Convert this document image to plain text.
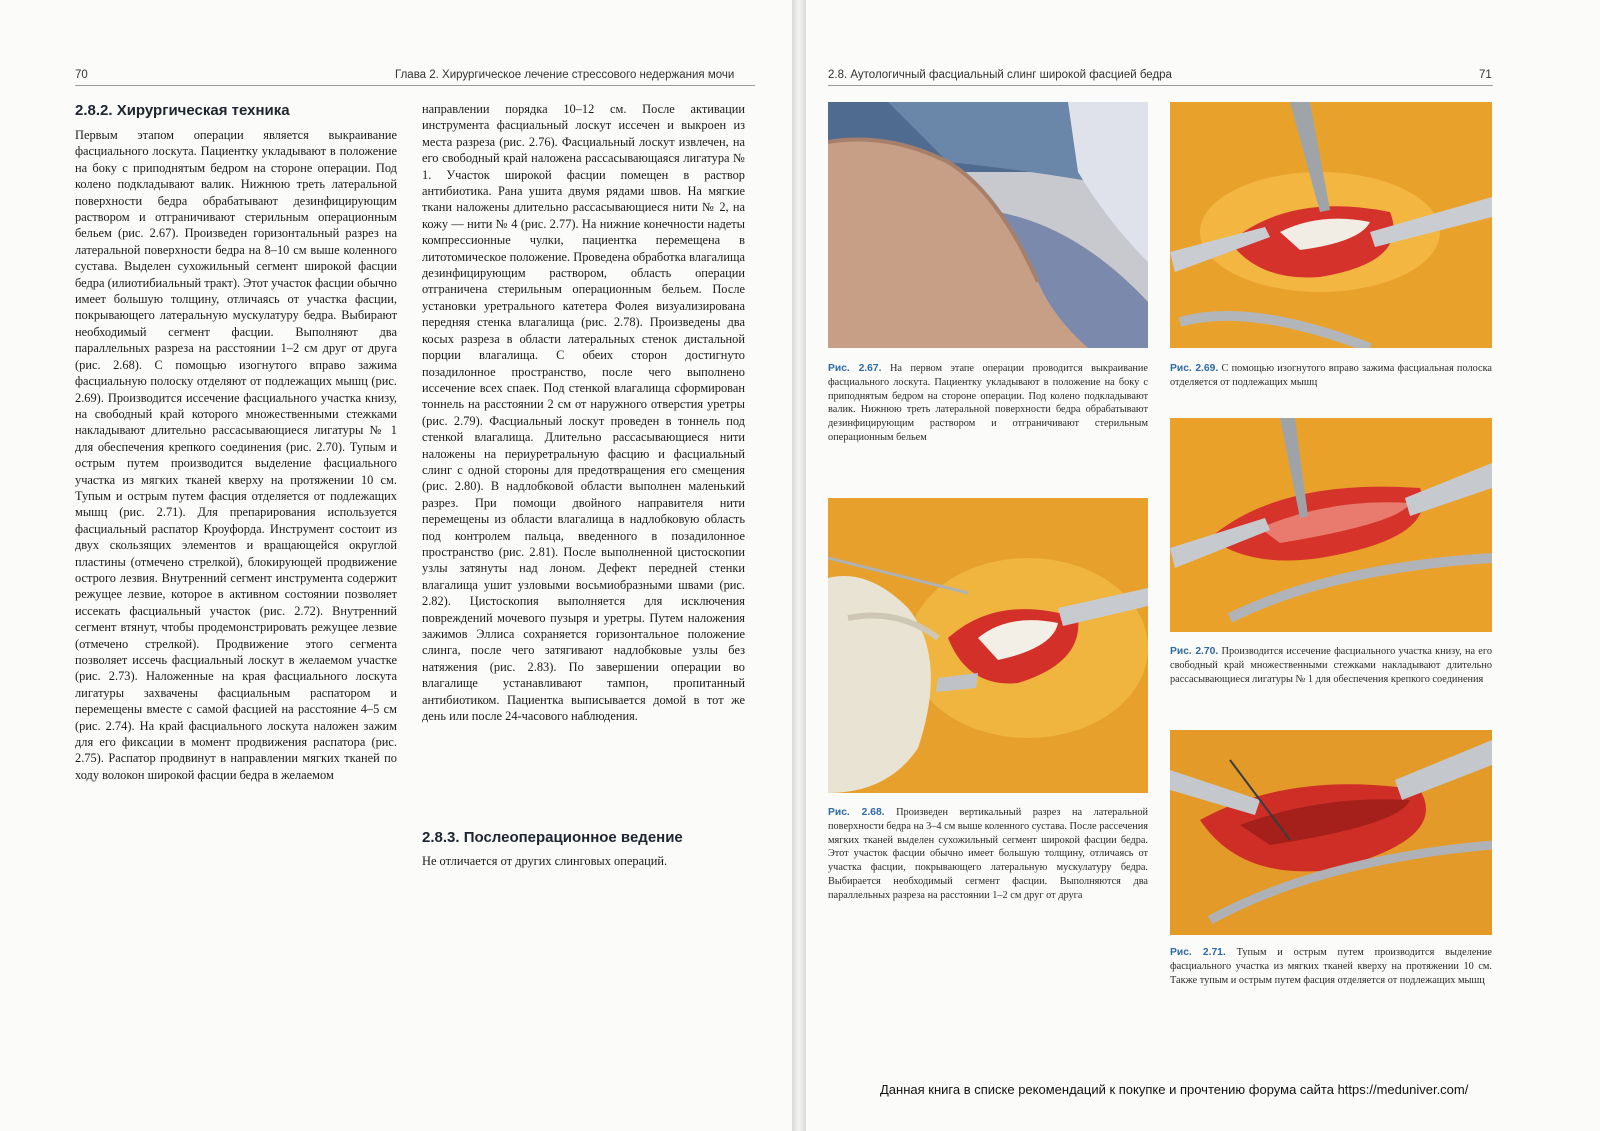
70	Глава 2. Хирургическое лечение стрессового недержания мочи
2.8.2. Хирургическая техника

Первым этапом операции является выкраивание фасциального лоскута. Пациентку укладывают в положение на боку с приподнятым бедром на стороне операции. Под колено подкладывают валик. Нижнюю треть латеральной поверхности бедра обрабатывают дезинфицирующим раствором и отграничивают стерильным операционным бельем (рис. 2.67). Произведен горизонтальный разрез на латеральной поверхности бедра на 8–10 см выше коленного сустава. Выделен сухожильный сегмент широкой фасции бедра (илиотибиальный тракт). Этот участок фасции обычно имеет большую толщину, отличаясь от участка фасции, покрывающего латеральную мускулатуру бедра. Выбирают необходимый сегмент фасции. Выполняют два параллельных разреза на расстоянии 1–2 см друг от друга (рис. 2.68). С помощью изогнутого вправо зажима фасциальную полоску отделяют от подлежащих мышц (рис. 2.69). Производится иссечение фасциального участка книзу, на свободный край которого множественными стежками накладывают длительно рассасывающиеся лигатуры № 1 для обеспечения крепкого соединения (рис. 2.70). Тупым и острым путем производится выделение фасциального участка из мягких тканей кверху на протяжении 10 см. Тупым и острым путем фасция отделяется от подлежащих мышц (рис. 2.71). Для препарирования используется фасциальный распатор Кроуфорда. Инструмент состоит из двух скользящих элементов и вращающейся округлой пластины (отмечено стрелкой), блокирующей продвижение острого лезвия. Внутренний сегмент инструмента содержит режущее лезвие, которое в активном состоянии позволяет иссекать фасциальный участок (рис. 2.72). Внутренний сегмент втянут, чтобы продемонстрировать режущее лезвие (отмечено стрелкой). Продвижение этого сегмента позволяет иссечь фасциальный лоскут в желаемом участке (рис. 2.73). Наложенные на края фасциального лоскута лигатуры захвачены фасциальным распатором и перемещены вместе с самой фасцией на расстояние 4–5 см (рис. 2.74). На край фасциального лоскута наложен зажим для его фиксации в момент продвижения распатора (рис. 2.75). Распатор продвинут в направлении мягких тканей по ходу волокон широкой фасции бедра в желаемом

направлении порядка 10–12 см. После активации инструмента фасциальный лоскут иссечен и выкроен из места разреза (рис. 2.76). Фасциальный лоскут извлечен, на его свободный край наложена рассасывающаяся лигатура № 1. Участок широкой фасции помещен в раствор антибиотика. Рана ушита двумя рядами швов. На мягкие ткани наложены длительно рассасывающиеся нити № 2, на кожу — нити № 4 (рис. 2.77). На нижние конечности надеты компрессионные чулки, пациентка перемещена в литотомическое положение. Проведена обработка влагалища дезинфицирующим раствором, область операции отграничена стерильным операционным бельем. После установки уретрального катетера Фолея визуализирована передняя стенка влагалища (рис. 2.78). Произведены два косых разреза в области латеральных стенок дистальной порции влагалища. С обеих сторон достигнуто позадилонное пространство, после чего выполнено иссечение всех спаек. Под стенкой влагалища сформирован тоннель на расстоянии 2 см от наружного отверстия уретры (рис. 2.79). Фасциальный лоскут проведен в тоннель под стенкой влагалища. Длительно рассасывающиеся нити наложены на периуретральную фасцию и фасциальный слинг с одной стороны для предотвращения его смещения (рис. 2.80). В надлобковой области выполнен маленький разрез. При помощи двойного направителя нити перемещены из области влагалища в надлобковую область под контролем пальца, введенного в позадилонное пространство (рис. 2.81). После выполненной цистоскопии узлы затянуты над лоном. Дефект передней стенки влагалища ушит узловыми восьмиобразными швами (рис. 2.82). Цистоскопия выполняется для исключения повреждений мочевого пузыря и уретры. Путем наложения зажимов Эллиса сохраняется горизонтальное положение слинга, после чего затягивают надлобковые узлы без натяжения (рис. 2.83). По завершении операции во влагалище устанавливают тампон, пропитанный антибиотиком. Пациентка выписывается домой в тот же день или после 24-часового наблюдения.

2.8.3. Послеоперационное ведение

Не отличается от других слинговых операций.

2.8. Аутологичный фасциальный слинг широкой фасцией бедра	71

Рис. 2.67. На первом этапе операции проводится выкраивание фасциального лоскута. Пациентку укладывают в положение на боку с приподнятым бедром на стороне операции. Под колено подкладывают валик. Нижнюю треть латеральной поверхности бедра обрабатывают дезинфицирующим раствором и отграничивают стерильным операционным бельем

Рис. 2.69. С помощью изогнутого вправо зажима фасциальная полоска отделяется от подлежащих мышц

Рис. 2.70. Производится иссечение фасциального участка книзу, на его свободный край множественными стежками накладывают длительно рассасывающиеся лигатуры № 1 для обеспечения крепкого соединения

Рис. 2.68. Произведен вертикальный разрез на латеральной поверхности бедра на 3–4 см выше коленного сустава. После рассечения мягких тканей выделен сухожильный сегмент широкой фасции бедра. Этот участок фасции обычно имеет большую толщину, отличаясь от участка фасции, покрывающего латеральную мускулатуру бедра. Выбирается необходимый сегмент фасции. Выполняются два параллельных разреза на расстоянии 1–2 см друг от друга

Рис. 2.71. Тупым и острым путем производится выделение фасциального участка из мягких тканей кверху на протяжении 10 см. Также тупым и острым путем фасция отделяется от подлежащих мышц

Данная книга в списке рекомендаций к покупке и прочтению форума сайта https://meduniver.com/
